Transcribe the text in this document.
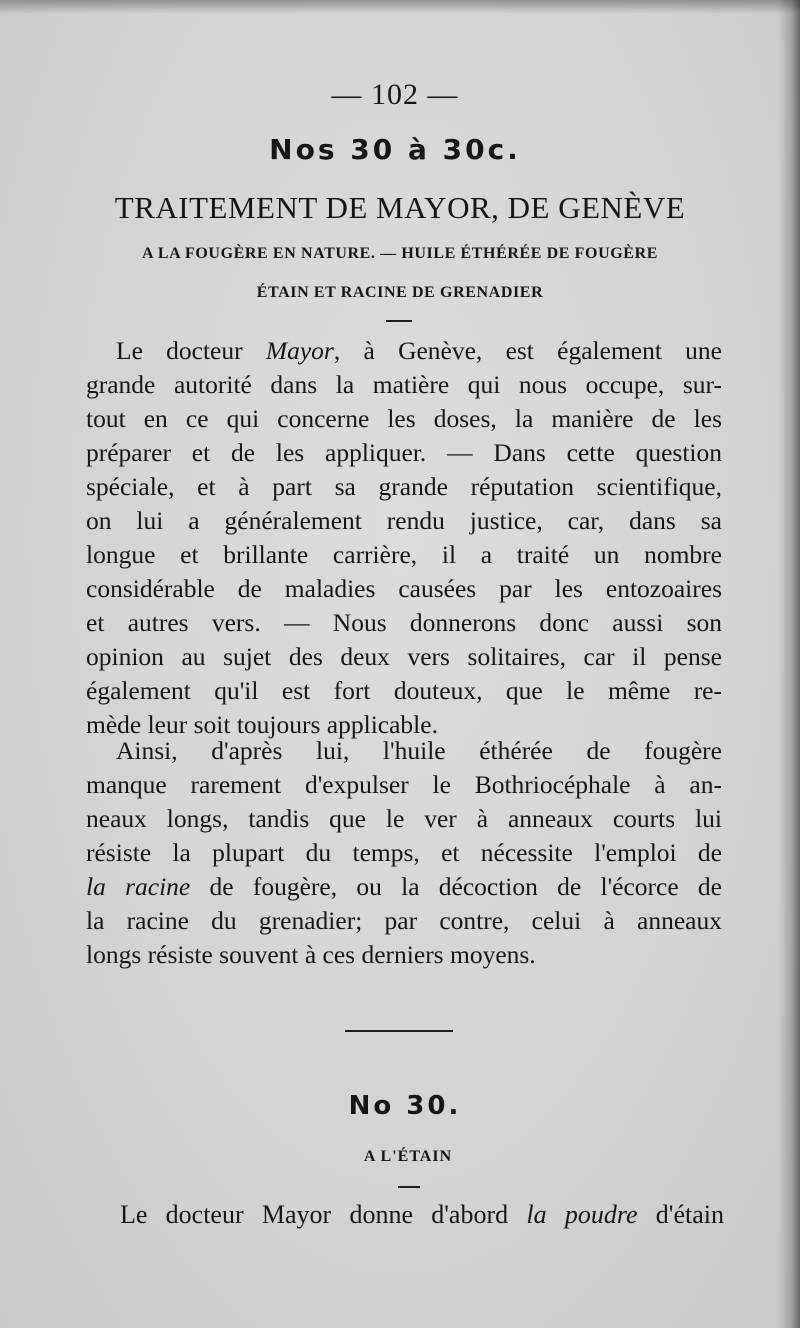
— 102 —
Nos 30 à 30c.
TRAITEMENT DE MAYOR, DE GENÈVE
A LA FOUGÈRE EN NATURE. — HUILE ÉTHÉRÉE DE FOUGÈRE
ÉTAIN ET RACINE DE GRENADIER
Le docteur Mayor, à Genève, est également une
grande autorité dans la matière qui nous occupe, sur-
tout en ce qui concerne les doses, la manière de les
préparer et de les appliquer. — Dans cette question
spéciale, et à part sa grande réputation scientifique,
on lui a généralement rendu justice, car, dans sa
longue et brillante carrière, il a traité un nombre
considérable de maladies causées par les entozoaires
et autres vers. — Nous donnerons donc aussi son
opinion au sujet des deux vers solitaires, car il pense
également qu'il est fort douteux, que le même re-
mède leur soit toujours applicable.
Ainsi, d'après lui, l'huile éthérée de fougère
manque rarement d'expulser le Bothriocéphale à an-
neaux longs, tandis que le ver à anneaux courts lui
résiste la plupart du temps, et nécessite l'emploi de
la racine de fougère, ou la décoction de l'écorce de
la racine du grenadier; par contre, celui à anneaux
longs résiste souvent à ces derniers moyens.
No 30.
A L'ÉTAIN
Le docteur Mayor donne d'abord la poudre d'étain
